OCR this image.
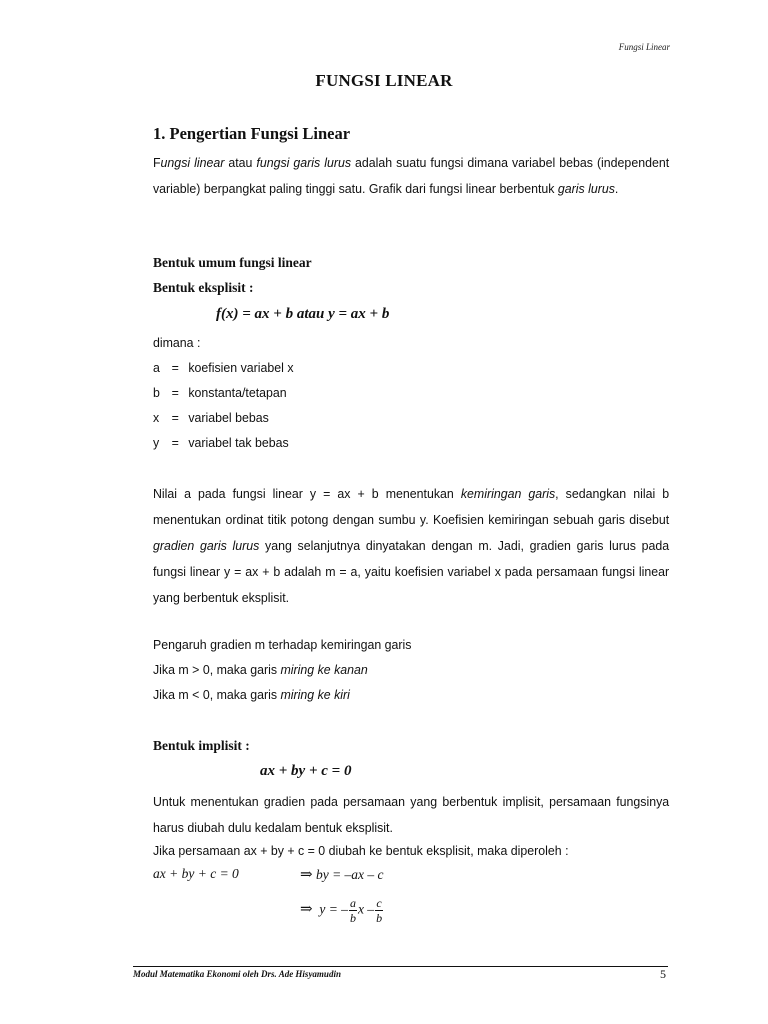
Fungsi Linear
FUNGSI LINEAR
1. Pengertian Fungsi Linear
Fungsi linear atau fungsi garis lurus adalah suatu fungsi dimana variabel bebas (independent variable) berpangkat paling tinggi satu. Grafik dari fungsi linear berbentuk garis lurus.
Bentuk umum fungsi linear
Bentuk eksplisit :
f(x) = ax + b atau y = ax + b
dimana :
a = koefisien variabel x
b = konstanta/tetapan
x = variabel bebas
y = variabel tak bebas
Nilai a pada fungsi linear y = ax + b menentukan kemiringan garis, sedangkan nilai b menentukan ordinat titik potong dengan sumbu y. Koefisien kemiringan sebuah garis disebut gradien garis lurus yang selanjutnya dinyatakan dengan m. Jadi, gradien garis lurus pada fungsi linear y = ax + b adalah m = a, yaitu koefisien variabel x pada persamaan fungsi linear yang berbentuk eksplisit.
Pengaruh gradien m terhadap kemiringan garis
Jika m > 0, maka garis miring ke kanan
Jika m < 0, maka garis miring ke kiri
Bentuk implisit :
ax + by + c = 0
Untuk menentukan gradien pada persamaan yang berbentuk implisit, persamaan fungsinya harus diubah dulu kedalam bentuk eksplisit.
Jika persamaan ax + by + c = 0 diubah ke bentuk eksplisit, maka diperoleh :
ax + by + c = 0	⇒ by = –ax – c
⇒ y = – $\frac{a}{b}$ x – $\frac{c}{b}$
Modul Matematika Ekonomi oleh Drs. Ade Hisyamudin	5
